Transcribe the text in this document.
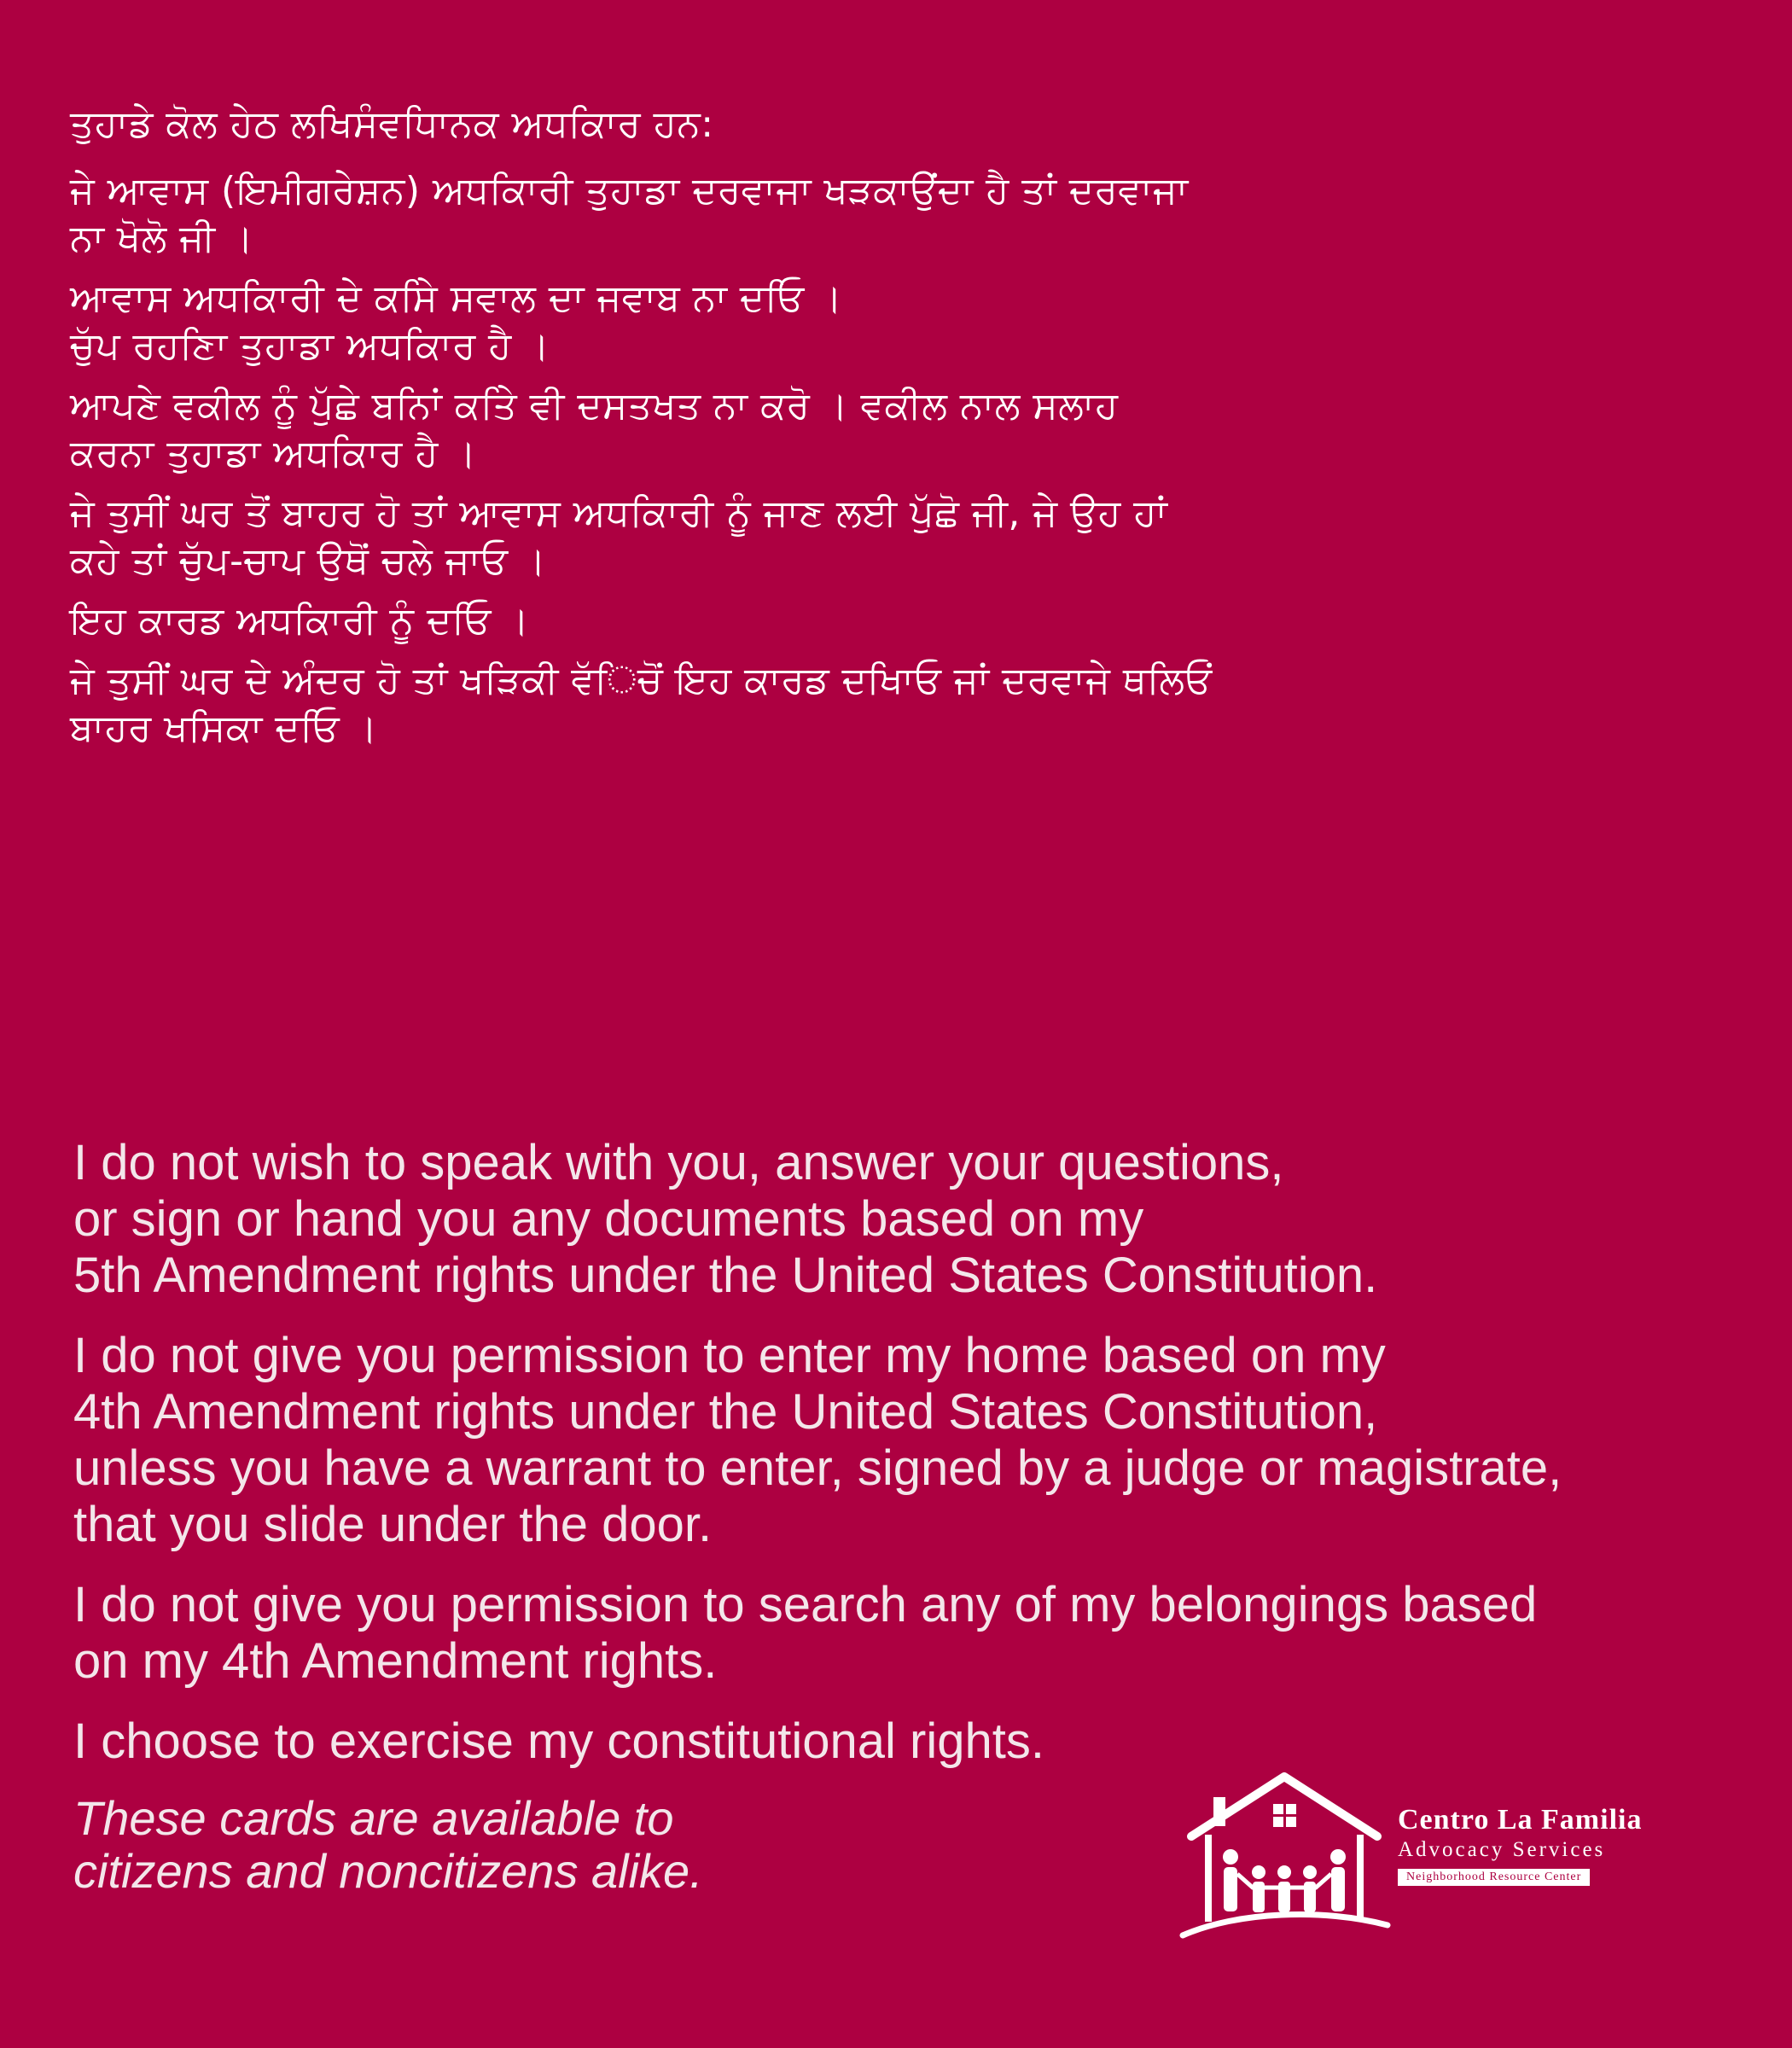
ਤੁਹਾਡੇ ਕੋਲ ਹੇਠ ਲਖਿਸੰਵਧਿਾਨਕ ਅਧਕਿਾਰ ਹਨ:

ਜੇ ਆਵਾਸ (ਇਮੀਗਰੇਸ਼ਨ) ਅਧਕਿਾਰੀ ਤੁਹਾਡਾ ਦਰਵਾਜਾ ਖੜਕਾਉਂਦਾ ਹੈ ਤਾਂ ਦਰਵਾਜਾ
ਨਾ ਖੋਲੋ ਜੀ ।

ਆਵਾਸ ਅਧਕਿਾਰੀ ਦੇ ਕਸਿੇ ਸਵਾਲ ਦਾ ਜਵਾਬ ਨਾ ਦਓਿ ।
ਚੁੱਪ ਰਹਣਿਾ ਤੁਹਾਡਾ ਅਧਕਿਾਰ ਹੈ ।

ਆਪਣੇ ਵਕੀਲ ਨੂੰ ਪੁੱਛੇ ਬਨਿਾਂ ਕਤਿੇ ਵੀ ਦਸਤਖਤ ਨਾ ਕਰੋ । ਵਕੀਲ ਨਾਲ ਸਲਾਹ
ਕਰਨਾ ਤੁਹਾਡਾ ਅਧਕਿਾਰ ਹੈ ।

ਜੇ ਤੁਸੀਂ ਘਰ ਤੋਂ ਬਾਹਰ ਹੋ ਤਾਂ ਆਵਾਸ ਅਧਕਿਾਰੀ ਨੂੰ ਜਾਣ ਲਈ ਪੁੱਛੋ ਜੀ, ਜੇ ਉਹ ਹਾਂ
ਕਹੇ ਤਾਂ ਚੁੱਪ-ਚਾਪ ਉਥੋਂ ਚਲੇ ਜਾਓ ।

ਇਹ ਕਾਰਡ ਅਧਕਿਾਰੀ ਨੂੰ ਦਓਿ ।

ਜੇ ਤੁਸੀਂ ਘਰ ਦੇ ਅੰਦਰ ਹੋ ਤਾਂ ਖੜਿਕੀ ਵੱਿਚੋਂ ਇਹ ਕਾਰਡ ਦਖਾਿਓ ਜਾਂ ਦਰਵਾਜੇ ਥਲਿਓਂ
ਬਾਹਰ ਖਸਿਕਾ ਦਓਿ ।

I do not wish to speak with you, answer your questions,
or sign or hand you any documents based on my
5th Amendment rights under the United States Constitution.

I do not give you permission to enter my home based on my
4th Amendment rights under the United States Constitution,
unless you have a warrant to enter, signed by a judge or magistrate,
that you slide under the door.

I do not give you permission to search any of my belongings based
on my 4th Amendment rights.

I choose to exercise my constitutional rights.

These cards are available to
citizens and noncitizens alike.

Centro La Familia
Advocacy Services
Neighborhood Resource Center
